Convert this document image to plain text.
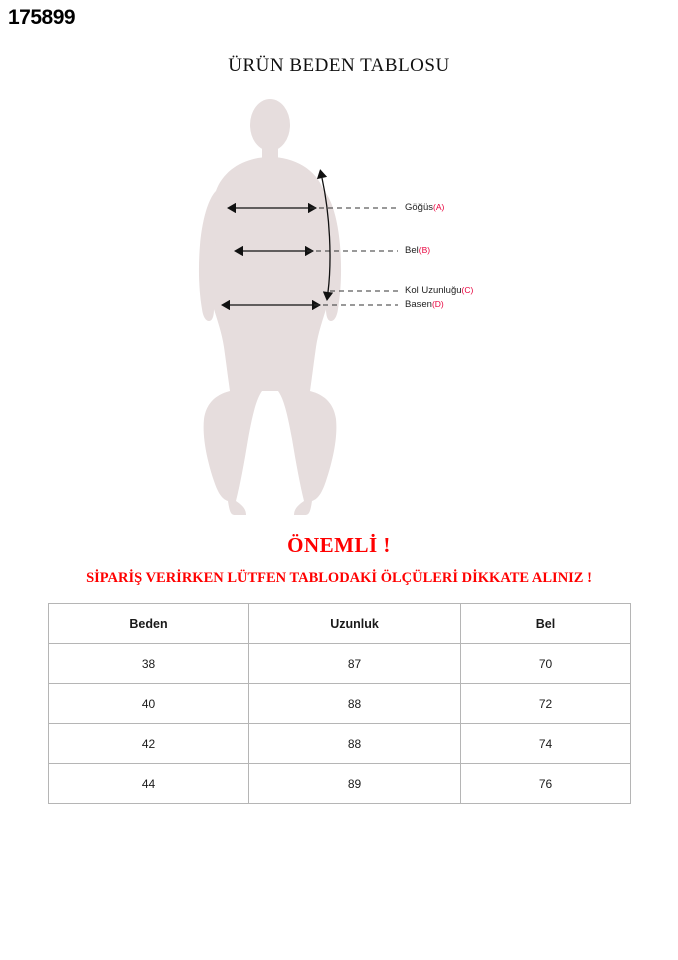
175899
ÜRÜN BEDEN TABLOSU
Göğüs(A)
Bel(B)
Kol Uzunluğu(C)
Basen(D)
ÖNEMLİ !
SİPARİŞ VERİRKEN LÜTFEN TABLODAKİ ÖLÇÜLERİ DİKKATE ALINIZ !
Beden	Uzunluk	Bel
38	87	70
40	88	72
42	88	74
44	89	76
